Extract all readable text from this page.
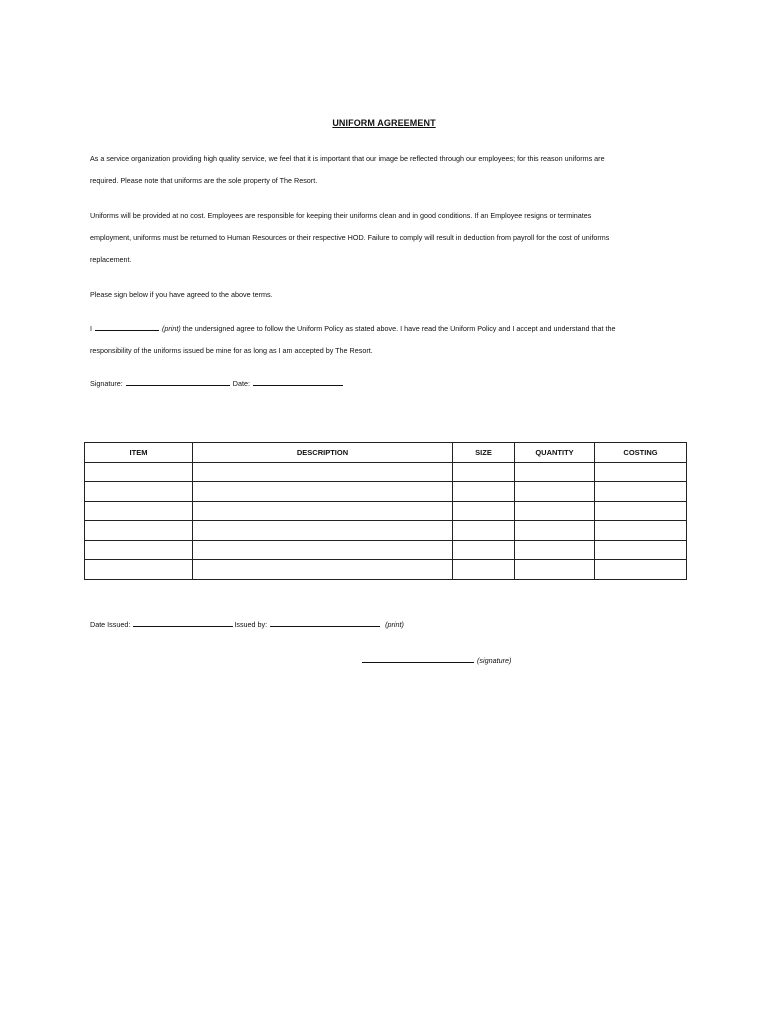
UNIFORM AGREEMENT

As a service organization providing high quality service, we feel that it is important that our image be reflected through our employees; for this reason uniforms are
required. Please note that uniforms are the sole property of The Resort.

Uniforms will be provided at no cost. Employees are responsible for keeping their uniforms clean and in good conditions. If an Employee resigns or terminates
employment, uniforms must be returned to Human Resources or their respective HOD. Failure to comply will result in deduction from payroll for the cost of uniforms
replacement.

Please sign below if you have agreed to the above terms.

I	(print) the undersigned agree to follow the Uniform Policy as stated above. I have read the Uniform Policy and I accept and understand that the
responsibility of the uniforms issued be mine for as long as I am accepted by The Resort.

Signature:	Date:

ITEM	DESCRIPTION	SIZE	QUANTITY	COSTING

Date Issued:	Issued by:	(print)
(signature)
